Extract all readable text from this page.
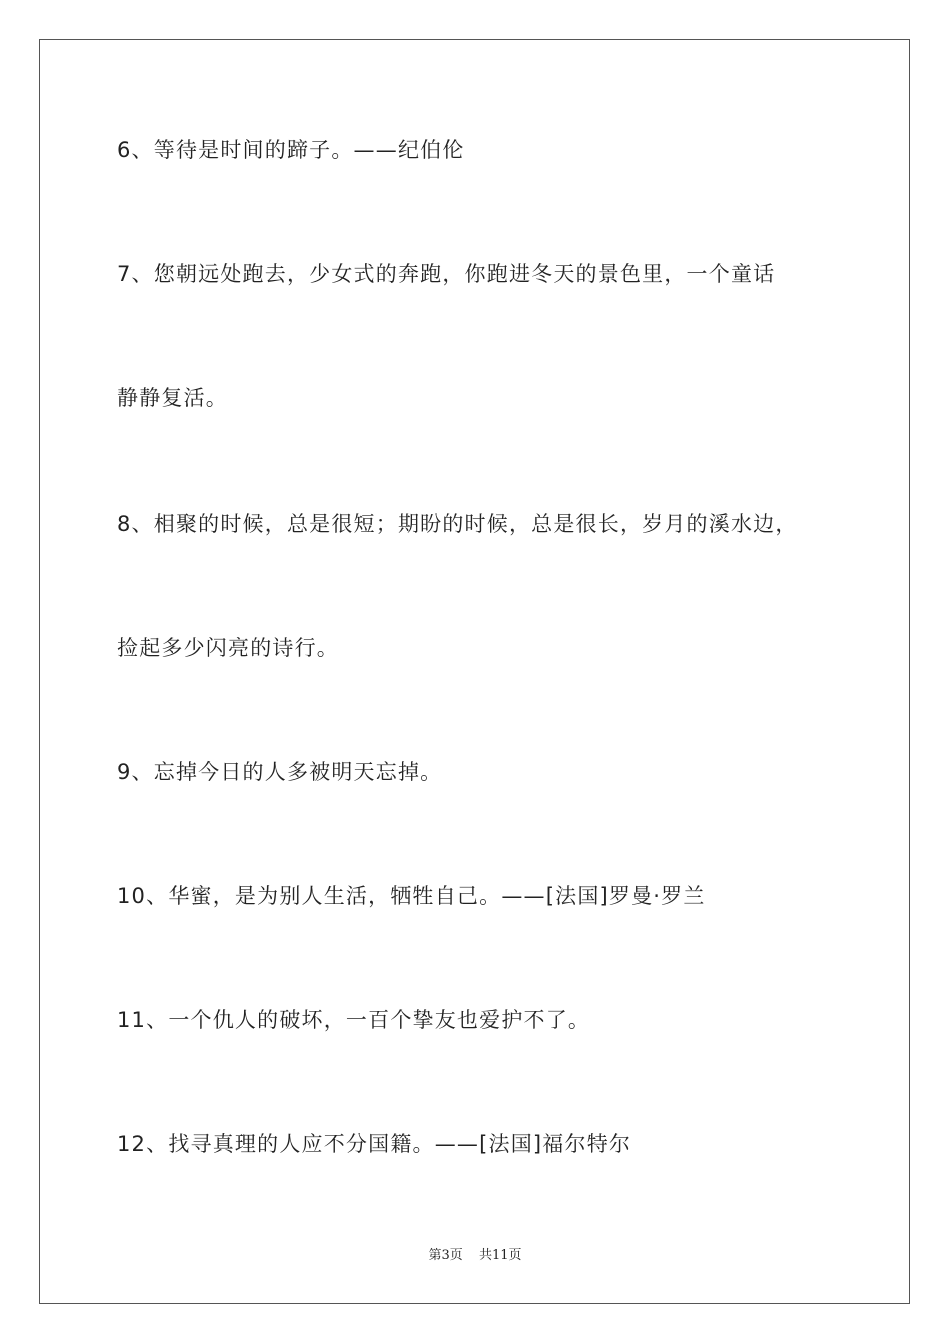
6、等待是时间的蹄子。——纪伯伦
7、您朝远处跑去，少女式的奔跑，你跑进冬天的景色里，一个童话
静静复活。
8、相聚的时候，总是很短；期盼的时候，总是很长，岁月的溪水边，
捡起多少闪亮的诗行。
9、忘掉今日的人多被明天忘掉。
10、华蜜，是为别人生活，牺牲自己。——[法国]罗曼·罗兰
11、一个仇人的破坏，一百个挚友也爱护不了。
12、找寻真理的人应不分国籍。——[法国]福尔特尔
第3页 共11页
